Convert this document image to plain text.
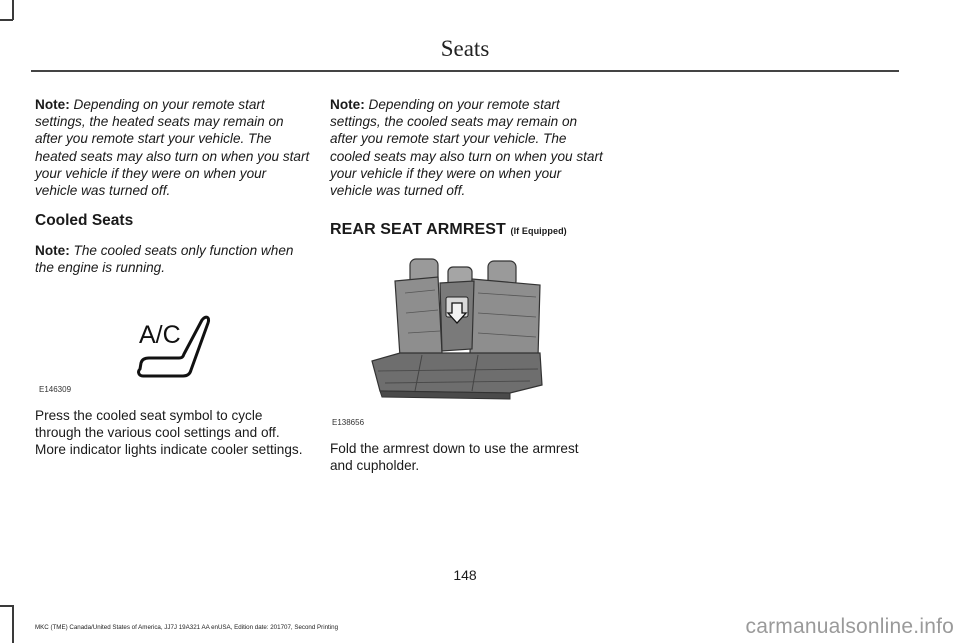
Seats

Note: Depending on your remote start settings, the heated seats may remain on after you remote start your vehicle. The heated seats may also turn on when you start your vehicle if they were on when your vehicle was turned off.

Cooled Seats

Note: The cooled seats only function when the engine is running.

A/C
E146309

Press the cooled seat symbol to cycle through the various cool settings and off. More indicator lights indicate cooler settings.

Note: Depending on your remote start settings, the cooled seats may remain on after you remote start your vehicle. The cooled seats may also turn on when you start your vehicle if they were on when your vehicle was turned off.

REAR SEAT ARMREST (If Equipped)
E138656

Fold the armrest down to use the armrest and cupholder.

148
MKC (TME) Canada/United States of America, JJ7J 19A321 AA enUSA, Edition date: 201707, Second Printing	carmanualsonline.info
